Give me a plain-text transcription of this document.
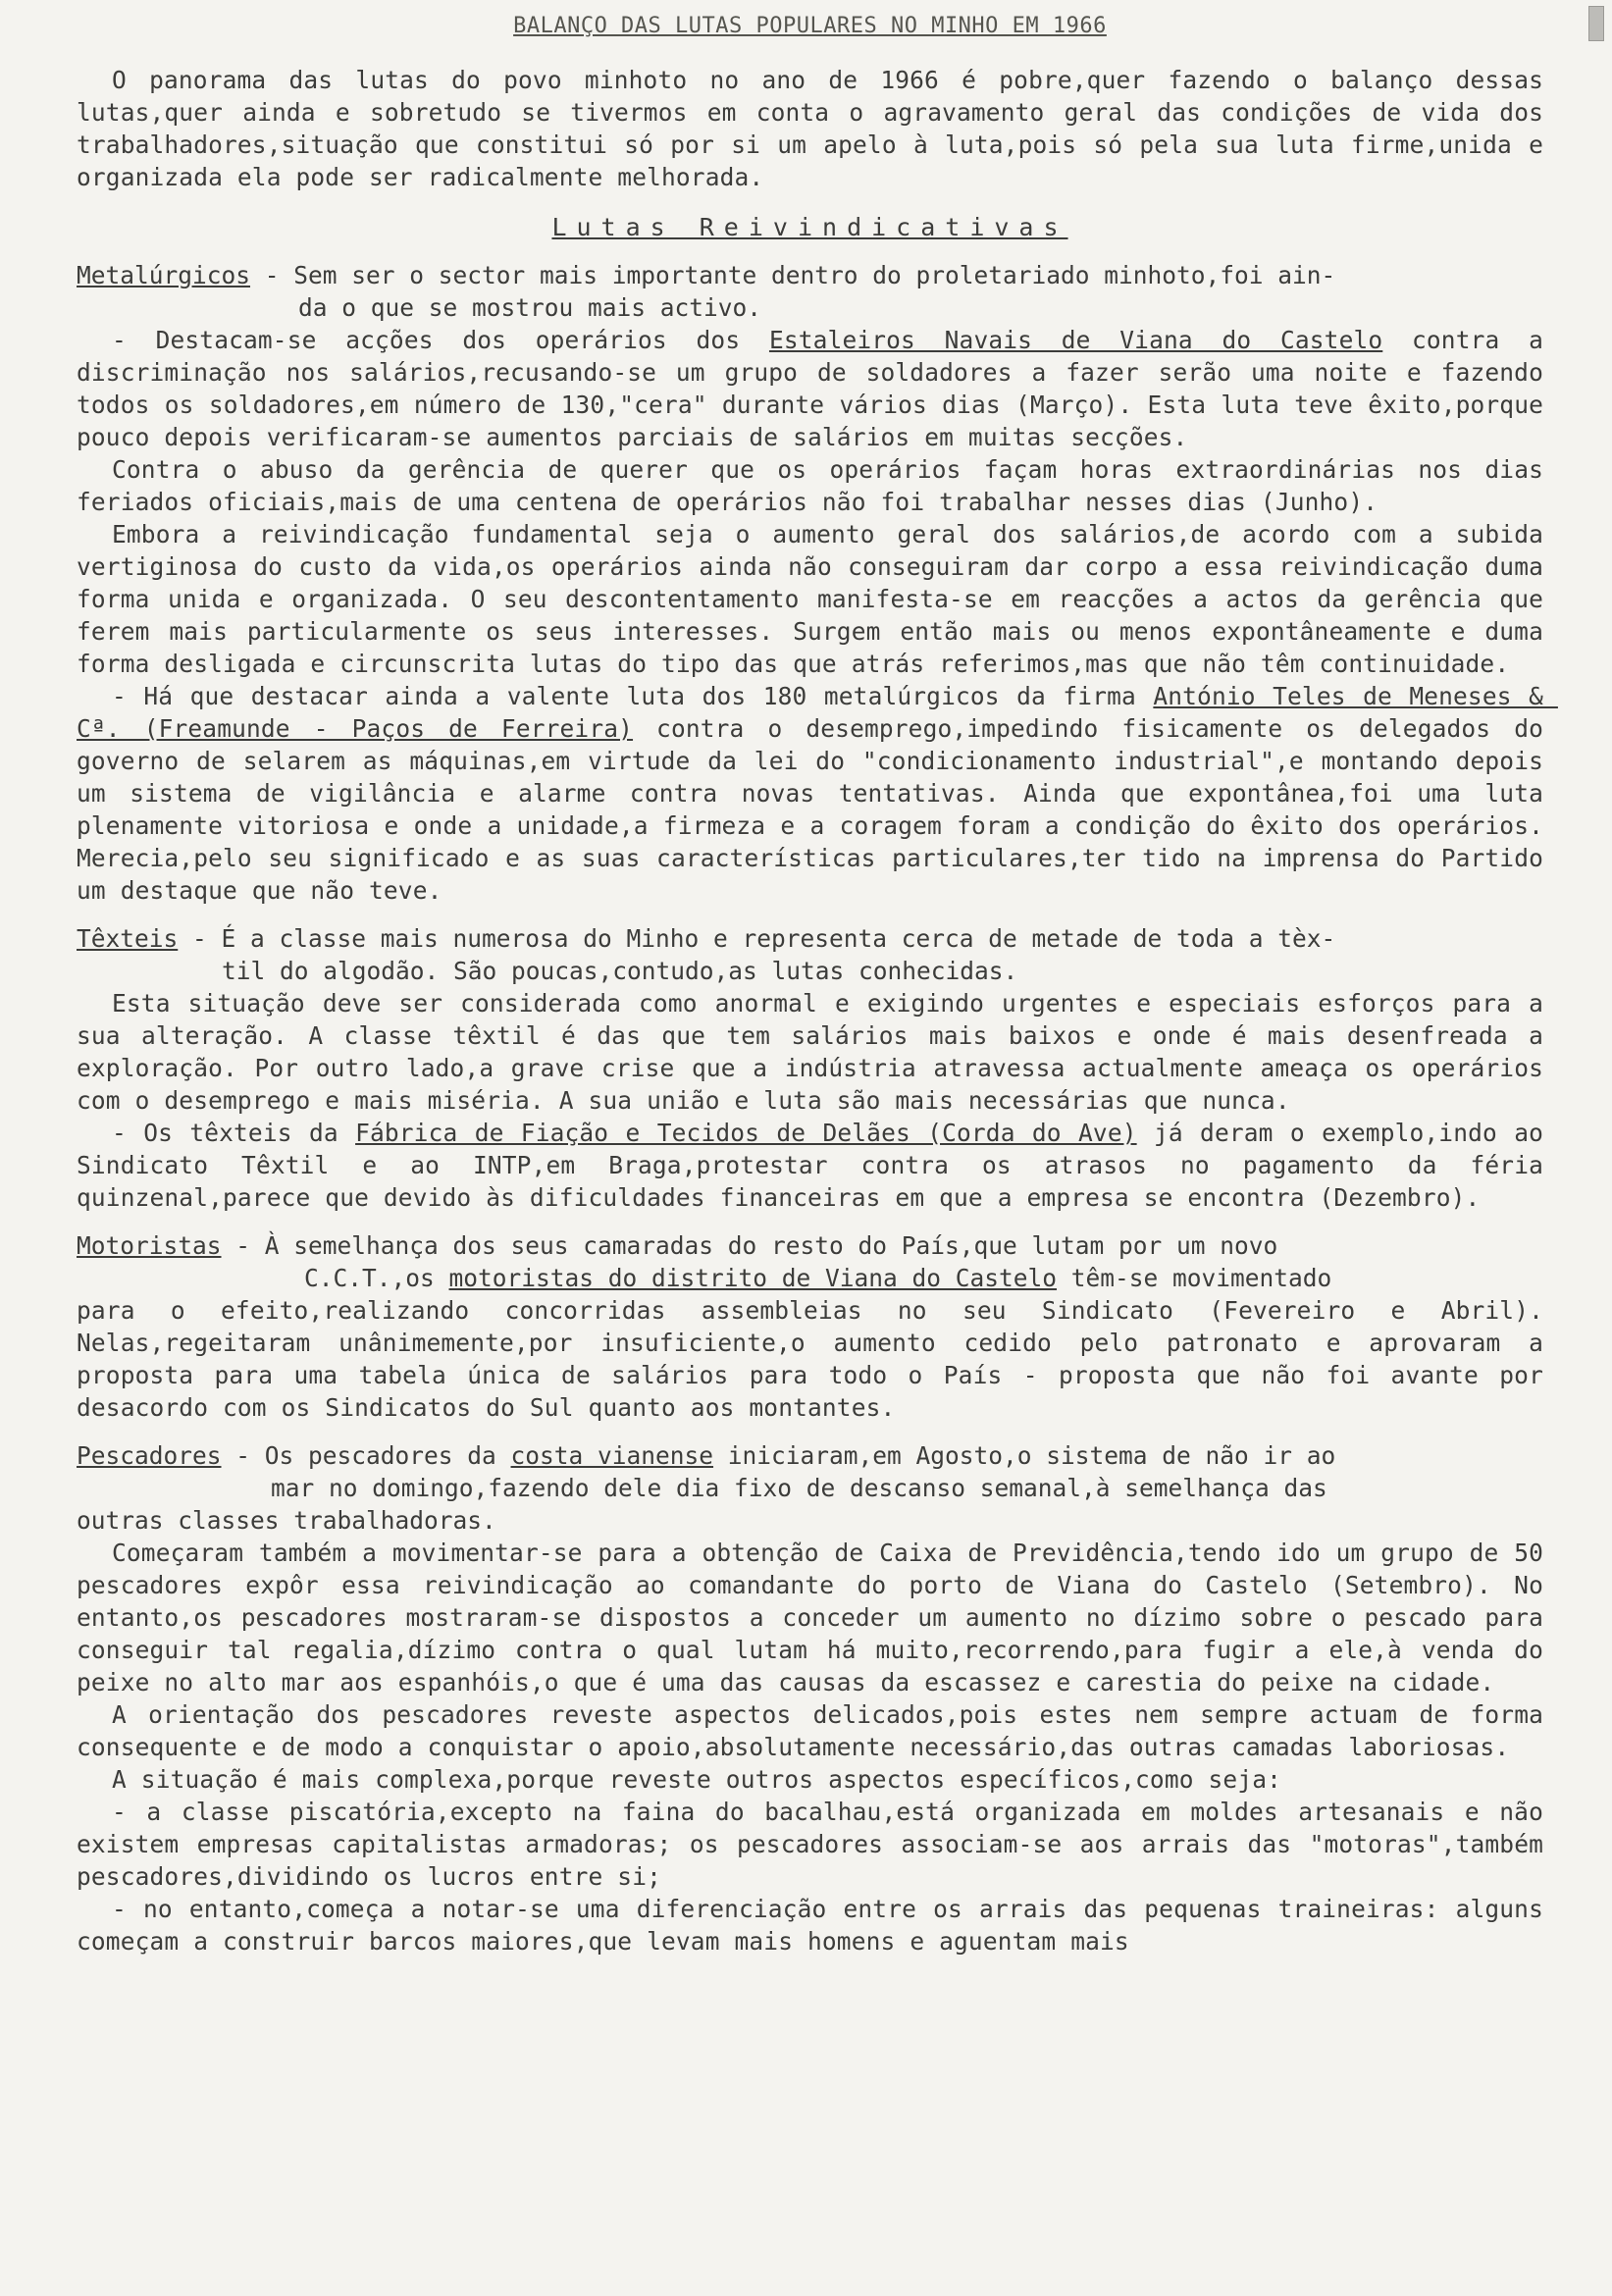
BALANÇO DAS LUTAS POPULARES NO MINHO EM 1966

O panorama das lutas do povo minhoto no ano de 1966 é pobre,quer fazendo o balanço dessas lutas,quer ainda e sobretudo se tivermos em conta o agravamento geral das condições de vida dos trabalhadores,situação que constitui só por si um apelo à luta,pois só pela sua luta firme,unida e organizada ela pode ser radicalmente melhorada.

Lutas Reivindicativas
Metalúrgicos - Sem ser o sector mais importante dentro do proletariado minhoto,foi ain-
da o que se mostrou mais activo.

- Destacam-se acções dos operários dos Estaleiros Navais de Viana do Castelo contra a discriminação nos salários,recusando-se um grupo de soldadores a fazer serão uma noite e fazendo todos os soldadores,em número de 130,"cera" durante vários dias (Março). Esta luta teve êxito,porque pouco depois verificaram-se aumentos parciais de salários em muitas secções.

Contra o abuso da gerência de querer que os operários façam horas extraordinárias nos dias feriados oficiais,mais de uma centena de operários não foi trabalhar nesses dias (Junho).

Embora a reivindicação fundamental seja o aumento geral dos salários,de acordo com a subida vertiginosa do custo da vida,os operários ainda não conseguiram dar corpo a essa reivindicação duma forma unida e organizada. O seu descontentamento manifesta-se em reacções a actos da gerência que ferem mais particularmente os seus interesses. Surgem então mais ou menos expontâneamente e duma forma desligada e circunscrita lutas do tipo das que atrás referimos,mas que não têm continuidade.

- Há que destacar ainda a valente luta dos 180 metalúrgicos da firma António Teles de Meneses & Cª. (Freamunde - Paços de Ferreira) contra o desemprego,impedindo fisicamente os delegados do governo de selarem as máquinas,em virtude da lei do "condicionamento industrial",e montando depois um sistema de vigilância e alarme contra novas tentativas. Ainda que expontânea,foi uma luta plenamente vitoriosa e onde a unidade,a firmeza e a coragem foram a condição do êxito dos operários. Merecia,pelo seu significado e as suas características particulares,ter tido na imprensa do Partido um destaque que não teve.

Têxteis - É a classe mais numerosa do Minho e representa cerca de metade de toda a tèx-
til do algodão. São poucas,contudo,as lutas conhecidas.

Esta situação deve ser considerada como anormal e exigindo urgentes e especiais esforços para a sua alteração. A classe têxtil é das que tem salários mais baixos e onde é mais desenfreada a exploração. Por outro lado,a grave crise que a indústria atravessa actualmente ameaça os operários com o desemprego e mais miséria. A sua união e luta são mais necessárias que nunca.

- Os têxteis da Fábrica de Fiação e Tecidos de Delães (Corda do Ave) já deram o exemplo,indo ao Sindicato Têxtil e ao INTP,em Braga,protestar contra os atrasos no pagamento da féria quinzenal,parece que devido às dificuldades financeiras em que a empresa se encontra (Dezembro).

Motoristas - À semelhança dos seus camaradas do resto do País,que lutam por um novo
C.C.T.,os motoristas do distrito de Viana do Castelo têm-se movimentado

para o efeito,realizando concorridas assembleias no seu Sindicato (Fevereiro e Abril). Nelas,regeitaram unânimemente,por insuficiente,o aumento cedido pelo patronato e aprovaram a proposta para uma tabela única de salários para todo o País - proposta que não foi avante por desacordo com os Sindicatos do Sul quanto aos montantes.

Pescadores - Os pescadores da costa vianense iniciaram,em Agosto,o sistema de não ir ao
mar no domingo,fazendo dele dia fixo de descanso semanal,à semelhança das
outras classes trabalhadoras.

Começaram também a movimentar-se para a obtenção de Caixa de Previdência,tendo ido um grupo de 50 pescadores expôr essa reivindicação ao comandante do porto de Viana do Castelo (Setembro). No entanto,os pescadores mostraram-se dispostos a conceder um aumento no dízimo sobre o pescado para conseguir tal regalia,dízimo contra o qual lutam há muito,recorrendo,para fugir a ele,à venda do peixe no alto mar aos espanhóis,o que é uma das causas da escassez e carestia do peixe na cidade.

A orientação dos pescadores reveste aspectos delicados,pois estes nem sempre actuam de forma consequente e de modo a conquistar o apoio,absolutamente necessário,das outras camadas laboriosas.

A situação é mais complexa,porque reveste outros aspectos específicos,como seja:

- a classe piscatória,excepto na faina do bacalhau,está organizada em moldes artesanais e não existem empresas capitalistas armadoras; os pescadores associam-se aos arrais das "motoras",também pescadores,dividindo os lucros entre si;

- no entanto,começa a notar-se uma diferenciação entre os arrais das pequenas traineiras: alguns começam a construir barcos maiores,que levam mais homens e aguentam mais
